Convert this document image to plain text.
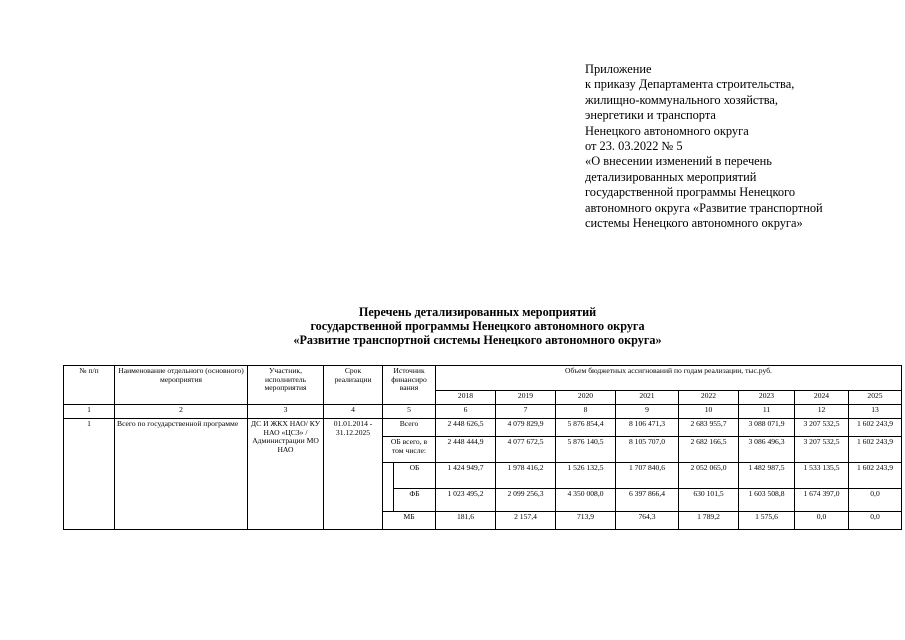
Приложение
к приказу Департамента строительства,
жилищно-коммунального хозяйства,
энергетики и транспорта
Ненецкого автономного округа
от 23. 03.2022 № 5
«О внесении изменений в перечень
детализированных мероприятий
государственной программы Ненецкого
автономного округа «Развитие транспортной
системы Ненецкого автономного округа»
Перечень детализированных мероприятий
государственной программы Ненецкого автономного округа
«Развитие транспортной системы Ненецкого автономного округа»
№ п/п	Наименование отдельного (основного) мероприятия	Участник, исполнитель мероприятия	Срок реализации	Источник финансиро вания		Объем бюджетных ассигнований по годам реализации, тыс.руб.							
						2018	2019	2020	2021	2022	2023	2024	2025
1	2	3	4	5		6	7	8	9	10	11	12	13
1	Всего по государственной программе	ДС И ЖКХ НАО/ КУ НАО «ЦСЗ» / Администрации МО НАО	01.01.2014 - 31.12.2025	Всего		2 448 626,5	4 079 829,9	5 876 854,4	8 106 471,3	2 683 955,7	3 088 071,9	3 207 532,5	1 602 243,9
				ОБ всего, в том числе:		2 448 444,9	4 077 672,5	5 876 140,5	8 105 707,0	2 682 166,5	3 086 496,3	3 207 532,5	1 602 243,9
					ОБ	1 424 949,7	1 978 416,2	1 526 132,5	1 707 840,6	2 052 065,0	1 482 987,5	1 533 135,5	1 602 243,9
					ФБ	1 023 495,2	2 099 256,3	4 350 008,0	6 397 866,4	630 101,5	1 603 508,8	1 674 397,0	0,0
				МБ		181,6	2 157,4	713,9	764,3	1 789,2	1 575,6	0,0	0,0
